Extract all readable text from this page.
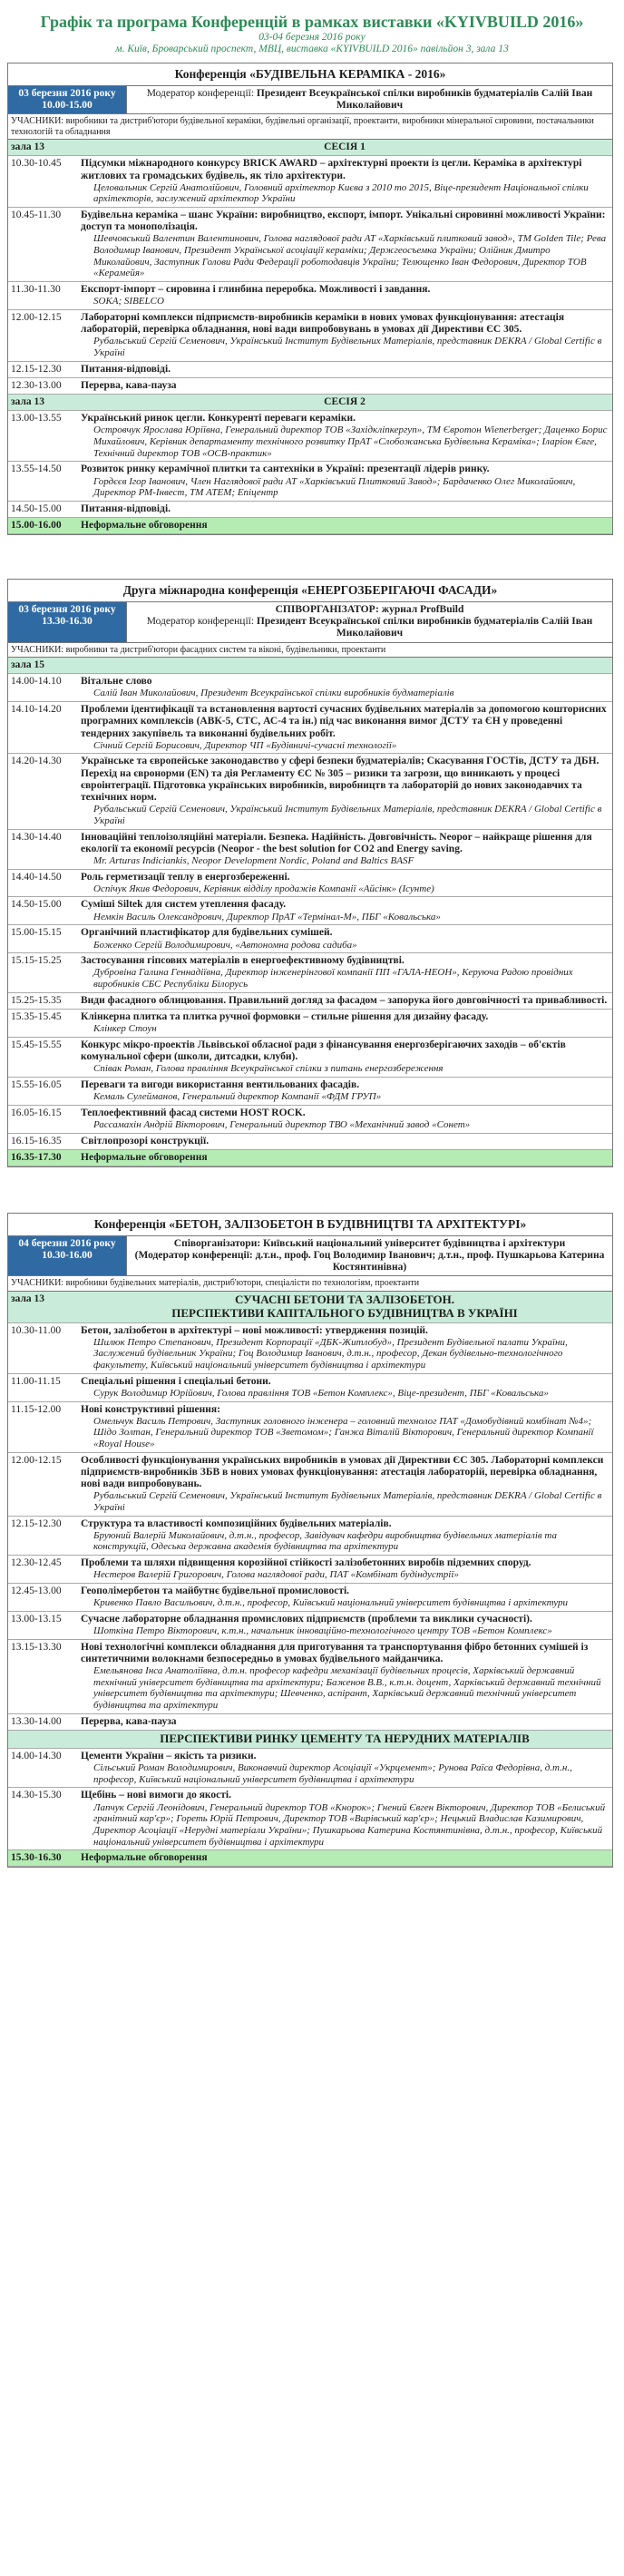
Графік та програма Конференцій в рамках виставки «KYIVBUILD 2016»
03-04 березня 2016 року
м. Київ, Броварський проспект, МВЦ, виставка «KYIVBUILD 2016» павільйон 3, зала 13
Конференція «БУДІВЕЛЬНА КЕРАМІКА - 2016»
03 березня 2016 року
10.00-15.00
Модератор конференції: Президент Всеукраїнської спілки виробників будматеріалів Салій Іван Миколайович
УЧАСНИКИ: виробники та дистриб'ютори будівельної кераміки, будівельні організації, проектанти, виробники мінеральної сировини, постачальники технологій та обладнання
зала 13	СЕСІЯ 1
10.30-10.45	Підсумки міжнародного конкурсу BRICK AWARD – архітектурні проекти із цегли. Кераміка в архітектурі житлових та громадських будівель, як тіло архітектури.
Целовальник Сергій Анатолійович, Головний архітектор Києва з 2010 то 2015, Віце-президент Національної спілки архітекторів, заслужений архітектор України
10.45-11.30	Будівельна кераміка – шанс України: виробництво, експорт, імпорт. Унікальні сировинні можливості України: доступ та монополізація.
Шевчовський Валентин Валентинович, Голова наглядової ради АТ «Харківський плитковий завод», ТМ Golden Tile; Рева Володимир Іванович, Президент Української асоціації кераміки; Держгеосъемка України; Олійник Дмитро Миколайович, Заступник Голови Ради Федерації роботодавців України; Телющенко Іван Федорович, Директор ТОВ «Керамейя»
11.30-11.30	Експорт-імпорт – сировина і глинбина переробка. Можливості і завдання.
SOKA; SIBELCO
12.00-12.15	Лабораторні комплекси підприємств-виробників кераміки в нових умовах функціонування: атестація лабораторій, перевірка обладнання, нові вади випробовувань в умовах дії Директиви ЄС 305.
Рубальський Сергій Семенович, Український Інститут Будівельних Матеріалів, представник DEKRA / Global Certific в Україні
12.15-12.30	Питання-відповіді.
12.30-13.00	Перерва, кава-пауза
зала 13	СЕСІЯ 2
13.00-13.55	Український ринок цегли. Конкуренті переваги кераміки.
Островчук Ярослава Юріївна, Генеральний директор ТОВ «Західкліпкергуп», ТМ Євротон Wienerberger; Даценко Борис Михайлович, Керівник департаменту технічного розвитку ПрАТ «Слобожанська Будівельна Кераміка»; Іларіон Євге, Технічний директор ТОВ «ОСВ-практик»
13.55-14.50	Розвиток ринку керамічної плитки та сантехніки в Україні: презентації лідерів ринку.
Гордєєв Ігор Іванович, Член Наглядової ради АТ «Харківський Плитковий Завод»; Бардаченко Олег Миколайович, Директор РМ-Інвест, ТМ АТЕМ; Епіцентр
14.50-15.00	Питання-відповіді.
15.00-16.00	Неформальне обговорення
Друга міжнародна конференція «ЕНЕРГОЗБЕРІГАЮЧІ ФАСАДИ»
03 березня 2016 року
13.30-16.30
СПІВОРГАНІЗАТОР: журнал ProfBuild
Модератор конференції: Президент Всеукраїнської спілки виробників будматеріалів Салій Іван Миколайович
УЧАСНИКИ: виробники та дистриб'ютори фасадних систем та віконі, будівельники, проектанти
зала 15
14.00-14.10	Вітальне слово
Салій Іван Миколайович, Президент Всеукраїнської спілки виробників будматеріалів
14.10-14.20	Проблеми ідентифікації та встановлення вартості сучасних будівельних матеріалів за допомогою кошторисних програмних комплексів (АВК-5, СТС, АС-4 та ін.) під час виконання вимог ДСТУ та ЄН у проведенні тендерних закупівель та виконанні будівельних робіт.
Січний Сергій Борисович, Директор ЧП «Будівничі-сучасні технології»
14.20-14.30	Українське та європейське законодавство у сфері безпеки будматеріалів; Скасування ГОСТів, ДСТУ та ДБН. Перехід на євронорми (EN) та дія Регламенту ЄС № 305 – ризики та загрози, що виникають у процесі євроінтеграції. Підготовка українських виробників, виробництв та лабораторій до нових законодавчих та технічних норм.
Рубальський Сергій Семенович, Український Інститут Будівельних Матеріалів, представник DEKRA / Global Certific в Україні
14.30-14.40	Інноваційні теплоізоляційні матеріали. Безпека. Надійність. Довговічність. Neopor – найкраще рішення для екології та економії ресурсів (Neopor - the best solution for CO2 and Energy saving.
Mr. Arturas Indiciankis, Neopor Development Nordic, Poland and Baltics BASF
14.40-14.50	Роль герметизації теплу в енергозбереженні.
Оспічук Якив Федорович, Керівник відділу продажів Компанії «Айсінк» (Iсунте)
14.50-15.00	Суміші Siltek для систем утеплення фасаду.
Немкін Василь Олександрович, Директор ПрАТ «Термінал-М», ПБГ «Ковальська»
15.00-15.15	Органічний пластифікатор для будівельних сумішей.
Боженко Сергій Володимирович, «Автономна родова садиба»
15.15-15.25	Застосування гіпсових матеріалів в енергоефективному будівництві.
Дубровіна Галина Геннадіївна, Директор інженерінгової компанії ПП «ГАЛА-НЕОН», Керуюча Радою провідних виробників СБС Республіки Білорусь
15.25-15.35	Види фасадного облицювання. Правильний догляд за фасадом – запорука його довговічності та привабливості.
15.35-15.45	Клінкерна плитка та плитка ручної формовки – стильне рішення для дизайну фасаду.
Клінкер Стоун
15.45-15.55	Конкурс мікро-проектів Львівської обласної ради з фінансування енергозберігаючих заходів – об'єктів комунальної сфери (школи, дитсадки, клуби).
Співак Роман, Голова правління Всеукраїнської спілки з питань енергозбереження
15.55-16.05	Переваги та вигоди використання вентильованих фасадів.
Кемаль Сулейманов, Генеральний директор Компанії «ФДМ ГРУП»
16.05-16.15	Теплоефективний фасад системи HOST ROCK.
Рассамахін Андрій Вікторович, Генеральний директор ТВО «Механічний завод «Сонет»
16.15-16.35	Світлопрозорі конструкції.
16.35-17.30	Неформальне обговорення
Конференція «БЕТОН, ЗАЛІЗОБЕТОН В БУДІВНИЦТВІ ТА АРХІТЕКТУРІ»
04 березня 2016 року
10.30-16.00
Співорганізатори: Київський національний університет будівництва і архітектури
(Модератор конференції: д.т.н., проф. Гоц Володимир Іванович; д.т.н., проф. Пушкарьова Катерина Костянтинівна)
УЧАСНИКИ: виробники будівельних матеріалів, дистриб'ютори, спеціалісти по технологіям, проектанти
зала 13	СУЧАСНІ БЕТОНИ ТА ЗАЛІЗОБЕТОН.
ПЕРСПЕКТИВИ КАПІТАЛЬНОГО БУДІВНИЦТВА В УКРАЇНІ
10.30-11.00	Бетон, залізобетон в архітектурі – нові можливості: утвердження позицій.
Шилюк Петро Степанович, Президент Корпорації «ДБК-Житлобуд», Президент Будівельної палати України, Заслужений будівельник України; Гоц Володимир Іванович, д.т.н., професор, Декан будівельно-технологічного факультету, Київський національний університет будівництва і архітектури
11.00-11.15	Спеціальні рішення і спеціальні бетони.
Сурук Володимир Юрійович, Голова правління ТОВ «Бетон Комплекс», Віце-президент, ПБГ «Ковальська»
11.15-12.00	Нові конструктивні рішення:
Омельчук Василь Петрович, Заступник головного інженера – головний технолог ПАТ «Домобудівний комбінат №4»; Шідо Золтан, Генеральний директор ТОВ «Зветомом»; Ганжа Віталій Вікторович, Генеральний директор Компанії «Royal House»
12.00-12.15	Особливості функціонування українських виробників в умовах дії Директиви ЄС 305. Лабораторні комплекси підприємств-виробників ЗБВ в нових умовах функціонування: атестація лабораторій, перевірка обладнання, нові вади випробовувань.
Рубальський Сергій Семенович, Український Інститут Будівельних Матеріалів, представник DEKRA / Global Certific в Україні
12.15-12.30	Структура та властивості композиційних будівельних матеріалів.
Бруюний Валерій Миколайович, д.т.н., професор, Завідувач кафедри виробництва будівельних матеріалів та конструкцій, Одеська державна академія будівництва та архітектури
12.30-12.45	Проблеми та шляхи підвищення корозійної стійкості залізобетонних виробів підземних споруд.
Нестеров Валерій Григорович, Голова наглядової ради, ПАТ «Комбінат будіндустрії»
12.45-13.00	Геополімербетон та майбутнє будівельної промисловості.
Кривенко Павло Васильович, д.т.н., професор, Київський національний університет будівництва і архітектури
13.00-13.15	Сучасне лабораторне обладнання промислових підприємств (проблеми та виклики сучасності).
Шоткіна Петро Вікторович, к.т.н., начальник інноваційно-технологічного центру ТОВ «Бетон Комплекс»
13.15-13.30	Нові технологічні комплекси обладнання для приготування та транспортування фібро бетонних сумішей із синтетичними волокнами безпосередньо в умовах будівельного майданчика.
Емельянова Інса Анатоліївна, д.т.н. професор кафедри механізації будівельних процесів, Харківський державний технічний університет будівництва та архітектури; Баженов В.В., к.т.н. доцент, Харківський державний технічний університет будівництва та архітектури; Шевченко, аспірант, Харківський державний технічний університет будівництва та архітектури
13.30-14.00	Перерва, кава-пауза
ПЕРСПЕКТИВИ РИНКУ ЦЕМЕНТУ ТА НЕРУДНИХ МАТЕРІАЛІВ
14.00-14.30	Цементи України – якість та ризики.
Сільський Роман Володимирович, Виконавчий директор Асоціації «Укрцемент»; Рунова Раїса Федорівна, д.т.н., професор, Київський національний університет будівництва і архітектури
14.30-15.30	Щебінь – нові вимоги до якості.
Лапчук Сергій Леонідович, Генеральний директор ТОВ «Кнорок»; Гнений Євген Вікторович, Директор ТОВ «Белиський гранітний кар'єр»; Гореть Юрій Петрович, Директор ТОВ «Вирівський кар'єр»; Нецький Владислав Казимирович, Директор Асоціації «Нерудні матеріали України»; Пушкарьова Катерина Костянтинівна, д.т.н., професор, Київський національний університет будівництва і архітектури
15.30-16.30	Неформальне обговорення
